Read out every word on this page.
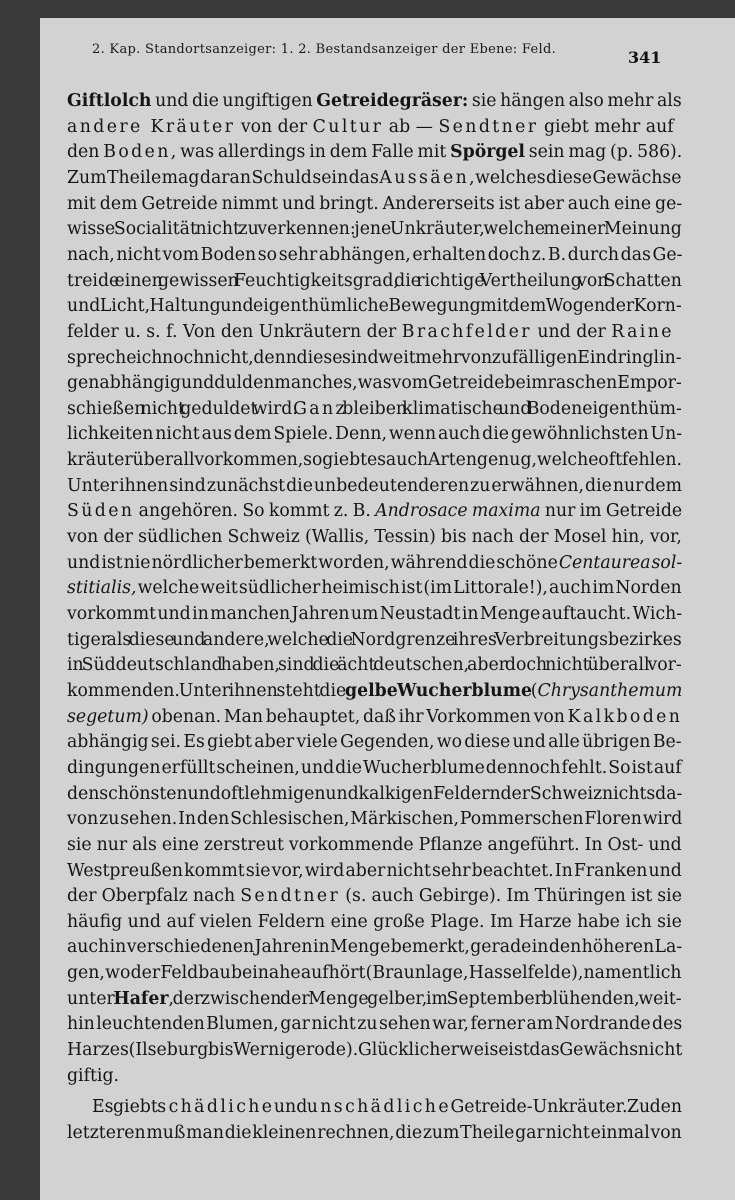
2. Kap. Standortsanzeiger: 1. 2. Bestandsanzeiger der Ebene: Feld.	341
Giftlolch und die ungiftigen Getreidegräser: sie hängen also mehr als
andere Kräuter von der Cultur ab — Sendtner giebt mehr auf
den Boden, was allerdings in dem Falle mit Spörgel sein mag (p. 586).
Zum Theile mag daran Schuld sein das Aussäen, welches diese Gewächse
mit dem Getreide nimmt und bringt. Andererseits ist aber auch eine ge-
wisse Socialität nicht zu verkennen: jene Unkräuter, welche meiner Meinung
nach, nicht vom Boden so sehr abhängen, erhalten doch z. B. durch das Ge-
treide einen gewissen Feuchtigkeitsgrad, die richtige Vertheilung von Schatten
und Licht, Haltung und eigenthümliche Bewegung mit dem Wogen der Korn-
felder u. s. f. Von den Unkräutern der Brachfelder und der Raine
spreche ich noch nicht, denn diese sind weit mehr von zufälligen Eindringlin-
gen abhängig und dulden manches, was vom Getreide beim raschen Empor-
schießen nicht geduldet wird. Ganz bleiben klimatische und Bodeneigenthüm-
lichkeiten nicht aus dem Spiele. Denn, wenn auch die gewöhnlichsten Un-
kräuter überall vorkommen, so giebt es auch Arten genug, welche oft fehlen.
Unter ihnen sind zunächst die unbedeutenderen zu erwähnen, die nur dem
Süden angehören. So kommt z. B. Androsace maxima nur im Getreide
von der südlichen Schweiz (Wallis, Tessin) bis nach der Mosel hin, vor,
und ist nie nördlicher bemerkt worden, während die schöne Centaurea sol-
stitialis, welche weit südlicher heimisch ist (im Littorale!), auch im Norden
vorkommt und in manchen Jahren um Neustadt in Menge auftaucht. Wich-
tiger als diese und andere, welche die Nordgrenze ihres Verbreitungsbezirkes
in Süddeutschland haben, sind die ächt deutschen, aber doch nicht überall vor-
kommenden. Unter ihnen steht die gelbe Wucherblume (Chrysanthemum
segetum) obenan. Man behauptet, daß ihr Vorkommen von Kalkboden
abhängig sei. Es giebt aber viele Gegenden, wo diese und alle übrigen Be-
dingungen erfüllt scheinen, und die Wucherblume dennoch fehlt. So ist auf
den schönsten und oft lehmigen und kalkigen Feldern der Schweiz nichts da-
von zu sehen. In den Schlesischen, Märkischen, Pommerschen Floren wird
sie nur als eine zerstreut vorkommende Pflanze angeführt. In Ost- und
Westpreußen kommt sie vor, wird aber nicht sehr beachtet. In Franken und
der Oberpfalz nach Sendtner (s. auch Gebirge). Im Thüringen ist sie
häufig und auf vielen Feldern eine große Plage. Im Harze habe ich sie
auch in verschiedenen Jahren in Menge bemerkt, gerade in den höheren La-
gen, wo der Feldbau beinahe aufhört (Braunlage, Hasselfelde), namentlich
unter Hafer, der zwischen der Menge gelber, im September blühenden, weit-
hin leuchtenden Blumen, gar nicht zu sehen war, ferner am Nordrande des
Harzes (Ilseburg bis Wernigerode). Glücklicherweise ist das Gewächs nicht
giftig.
Es giebt schädliche und unschädliche Getreide-Unkräuter. Zu den
letzteren muß man die kleinen rechnen, die zum Theile gar nicht einmal von
